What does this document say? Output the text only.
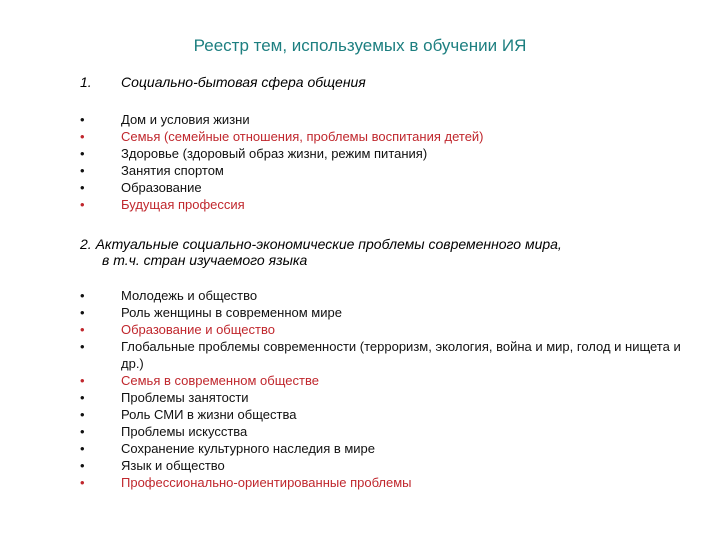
Реестр тем, используемых в обучении ИЯ
1. Социально-бытовая сфера общения
•	Дом и условия жизни
•	Семья (семейные отношения, проблемы воспитания детей)
•	Здоровье (здоровый образ жизни, режим питания)
•	Занятия спортом
•	Образование
•	Будущая профессия
2. Актуальные социально-экономические проблемы современного мира,
в т.ч. стран изучаемого языка
•	Молодежь и общество
•	Роль женщины в современном мире
•	Образование и общество
•	Глобальные проблемы современности (терроризм, экология, война и мир, голод и нищета и др.)
•	Семья в современном обществе
•	Проблемы занятости
•	Роль СМИ в жизни общества
•	Проблемы искусства
•	Сохранение культурного наследия в мире
•	Язык и общество
•	Профессионально-ориентированные проблемы
